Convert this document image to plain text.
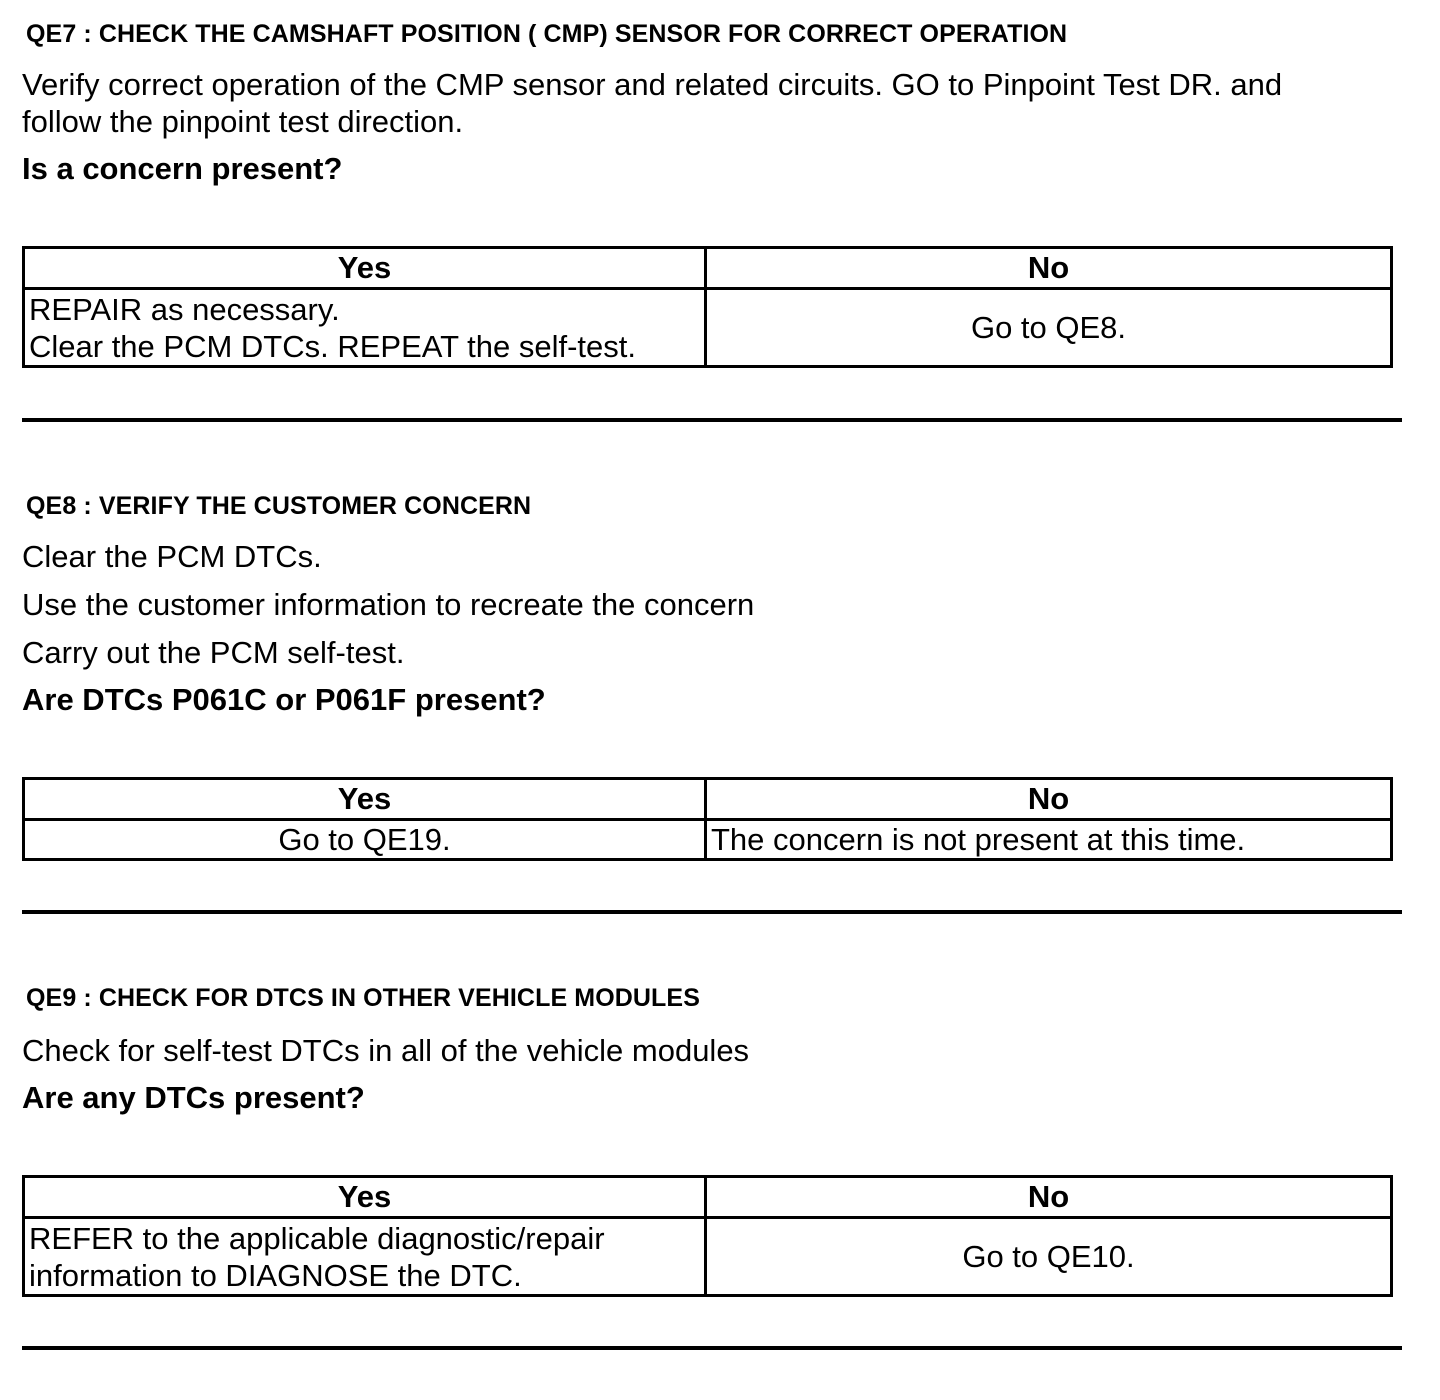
QE7 : CHECK THE CAMSHAFT POSITION ( CMP) SENSOR FOR CORRECT OPERATION
Verify correct operation of the CMP sensor and related circuits. GO to Pinpoint Test DR. and
follow the pinpoint test direction.
Is a concern present?
Yes	No

REPAIR as necessary.
Clear the PCM DTCs. REPEAT the self-test.	Go to QE8.
QE8 : VERIFY THE CUSTOMER CONCERN
Clear the PCM DTCs.
Use the customer information to recreate the concern
Carry out the PCM self-test.
Are DTCs P061C or P061F present?
Yes	No
Go to QE19.	The concern is not present at this time.
QE9 : CHECK FOR DTCS IN OTHER VEHICLE MODULES
Check for self-test DTCs in all of the vehicle modules
Are any DTCs present?
Yes	No

REFER to the applicable diagnostic/repair
information to DIAGNOSE the DTC.	Go to QE10.
